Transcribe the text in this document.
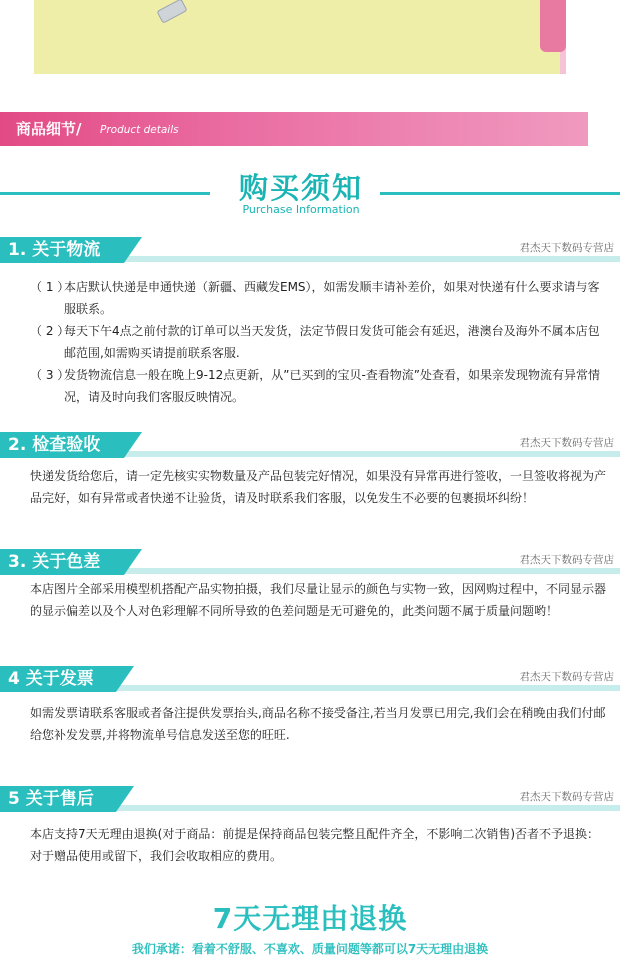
商品细节/ Product details
购买须知
Purchase Information
1. 关于物流	君杰天下数码专营店
（ 1 ）
本店默认快递是申通快递（新疆、西藏发EMS），如需发顺丰请补差价，如果对快递有什么要求请与客服联系。
（ 2 ）
每天下午4点之前付款的订单可以当天发货，法定节假日发货可能会有延迟，港澳台及海外不属本店包邮范围,如需购买请提前联系客服.
（ 3 ）
发货物流信息一般在晚上9-12点更新，从”已买到的宝贝-查看物流”处查看，如果亲发现物流有异常情况，请及时向我们客服反映情况。
2. 检查验收	君杰天下数码专营店
快递发货给您后，请一定先核实实物数量及产品包装完好情况，如果没有异常再进行签收，一旦签收将视为产品完好，如有异常或者快递不让验货，请及时联系我们客服，以免发生不必要的包裹损坏纠纷！
3. 关于色差	君杰天下数码专营店
本店图片全部采用模型机搭配产品实物拍摄，我们尽量让显示的颜色与实物一致，因网购过程中，不同显示器的显示偏差以及个人对色彩理解不同所导致的色差问题是无可避免的，此类问题不属于质量问题哟！
4 关于发票	君杰天下数码专营店
如需发票请联系客服或者备注提供发票抬头,商品名称不接受备注,若当月发票已用完,我们会在稍晚由我们付邮给您补发发票,并将物流单号信息发送至您的旺旺.
5 关于售后	君杰天下数码专营店
本店支持7天无理由退换(对于商品：前提是保持商品包装完整且配件齐全，不影响二次销售)否者不予退换：对于赠品使用或留下，我们会收取相应的费用。
7天无理由退换
我们承诺：看着不舒服、不喜欢、质量问题等都可以7天无理由退换
